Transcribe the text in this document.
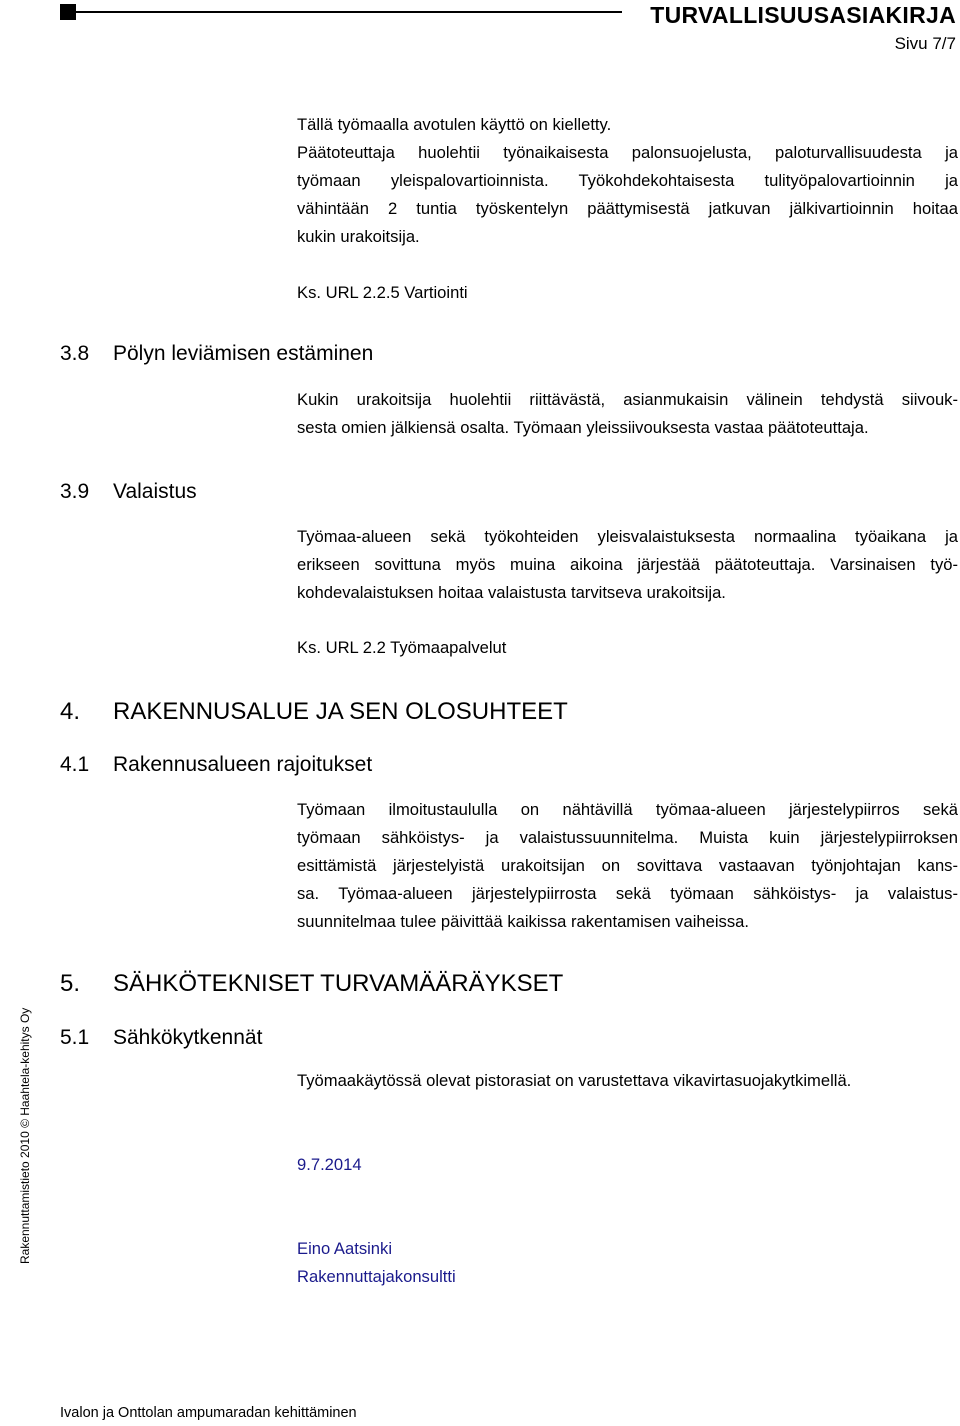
TURVALLISUUSASIAKIRJA
Sivu 7/7
Tällä työmaalla avotulen käyttö on kielletty.
Päätoteuttaja huolehtii työnaikaisesta palonsuojelusta, paloturvallisuudesta ja
työmaan yleispalovartioinnista. Työkohdekohtaisesta tulityöpalovartioinnin ja
vähintään 2 tuntia työskentelyn päättymisestä jatkuvan jälkivartioinnin hoitaa
kukin urakoitsija.
Ks. URL 2.2.5 Vartiointi
3.8 Pölyn leviämisen estäminen
Kukin urakoitsija huolehtii riittävästä, asianmukaisin välinein tehdystä siivouk-
sesta omien jälkiensä osalta. Työmaan yleissiivouksesta vastaa päätoteuttaja.
3.9 Valaistus
Työmaa-alueen sekä työkohteiden yleisvalaistuksesta normaalina työaikana ja
erikseen sovittuna myös muina aikoina järjestää päätoteuttaja. Varsinaisen työ-
kohdevalaistuksen hoitaa valaistusta tarvitseva urakoitsija.
Ks. URL 2.2 Työmaapalvelut
4. RAKENNUSALUE JA SEN OLOSUHTEET
4.1 Rakennusalueen rajoitukset
Työmaan ilmoitustaululla on nähtävillä työmaa-alueen järjestelypiirros sekä
työmaan sähköistys- ja valaistussuunnitelma. Muista kuin järjestelypiirroksen
esittämistä järjestelyistä urakoitsijan on sovittava vastaavan työnjohtajan kans-
sa. Työmaa-alueen järjestelypiirrosta sekä työmaan sähköistys- ja valaistus-
suunnitelmaa tulee päivittää kaikissa rakentamisen vaiheissa.
5. SÄHKÖTEKNISET TURVAMÄÄRÄYKSET
5.1 Sähkökytkennät
Työmaakäytössä olevat pistorasiat on varustettava vikavirtasuojakytkimellä.
9.7.2014
Eino Aatsinki
Rakennuttajakonsultti
Rakennuttamistieto 2010 © Haahtela-kehitys Oy
Ivalon ja Onttolan ampumaradan kehittäminen
